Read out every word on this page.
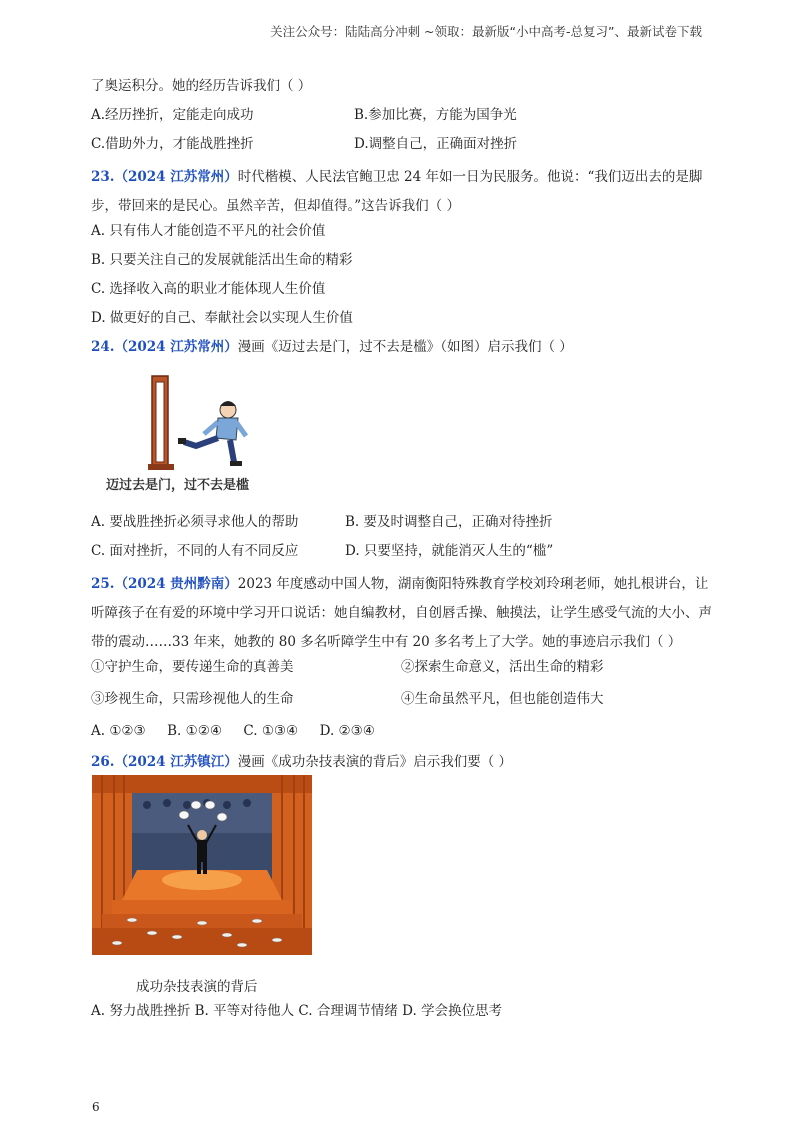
关注公众号：陆陆高分冲刺 ~领取：最新版“小中高考-总复习”、最新试卷下载
了奥运积分。她的经历告诉我们（ ）
A.经历挫折，定能走向成功	B.参加比赛，方能为国争光
C.借助外力，才能战胜挫折	D.调整自己，正确面对挫折
23.（2024 江苏常州）时代楷模、人民法官鲍卫忠 24 年如一日为民服务。他说：“我们迈出去的是脚步，带回来的是民心。虽然辛苦，但却值得。”这告诉我们（ ）
A. 只有伟人才能创造不平凡的社会价值
B. 只要关注自己的发展就能活出生命的精彩
C. 选择收入高的职业才能体现人生价值
D. 做更好的自己、奉献社会以实现人生价值
24.（2024 江苏常州）漫画《迈过去是门，过不去是槛》（如图）启示我们（ ）
迈过去是门，过不去是槛
A. 要战胜挫折必须寻求他人的帮助	B. 要及时调整自己，正确对待挫折
C. 面对挫折，不同的人有不同反应	D. 只要坚持，就能消灭人生的“槛”
25.（2024 贵州黔南）2023 年度感动中国人物，湖南衡阳特殊教育学校刘玲琍老师，她扎根讲台，让听障孩子在有爱的环境中学习开口说话：她自编教材，自创唇舌操、触摸法，让学生感受气流的大小、声带的震动……33 年来，她教的 80 多名听障学生中有 20 多名考上了大学。她的事迹启示我们（ ）
①守护生命，要传递生命的真善美	②探索生命意义，活出生命的精彩
③珍视生命，只需珍视他人的生命	④生命虽然平凡，但也能创造伟大
A. ①②③ B. ①②④ C. ①③④ D. ②③④
26.（2024 江苏镇江）漫画《成功杂技表演的背后》启示我们要（ ）
成功杂技表演的背后
A. 努力战胜挫折 B. 平等对待他人 C. 合理调节情绪 D. 学会换位思考
6
